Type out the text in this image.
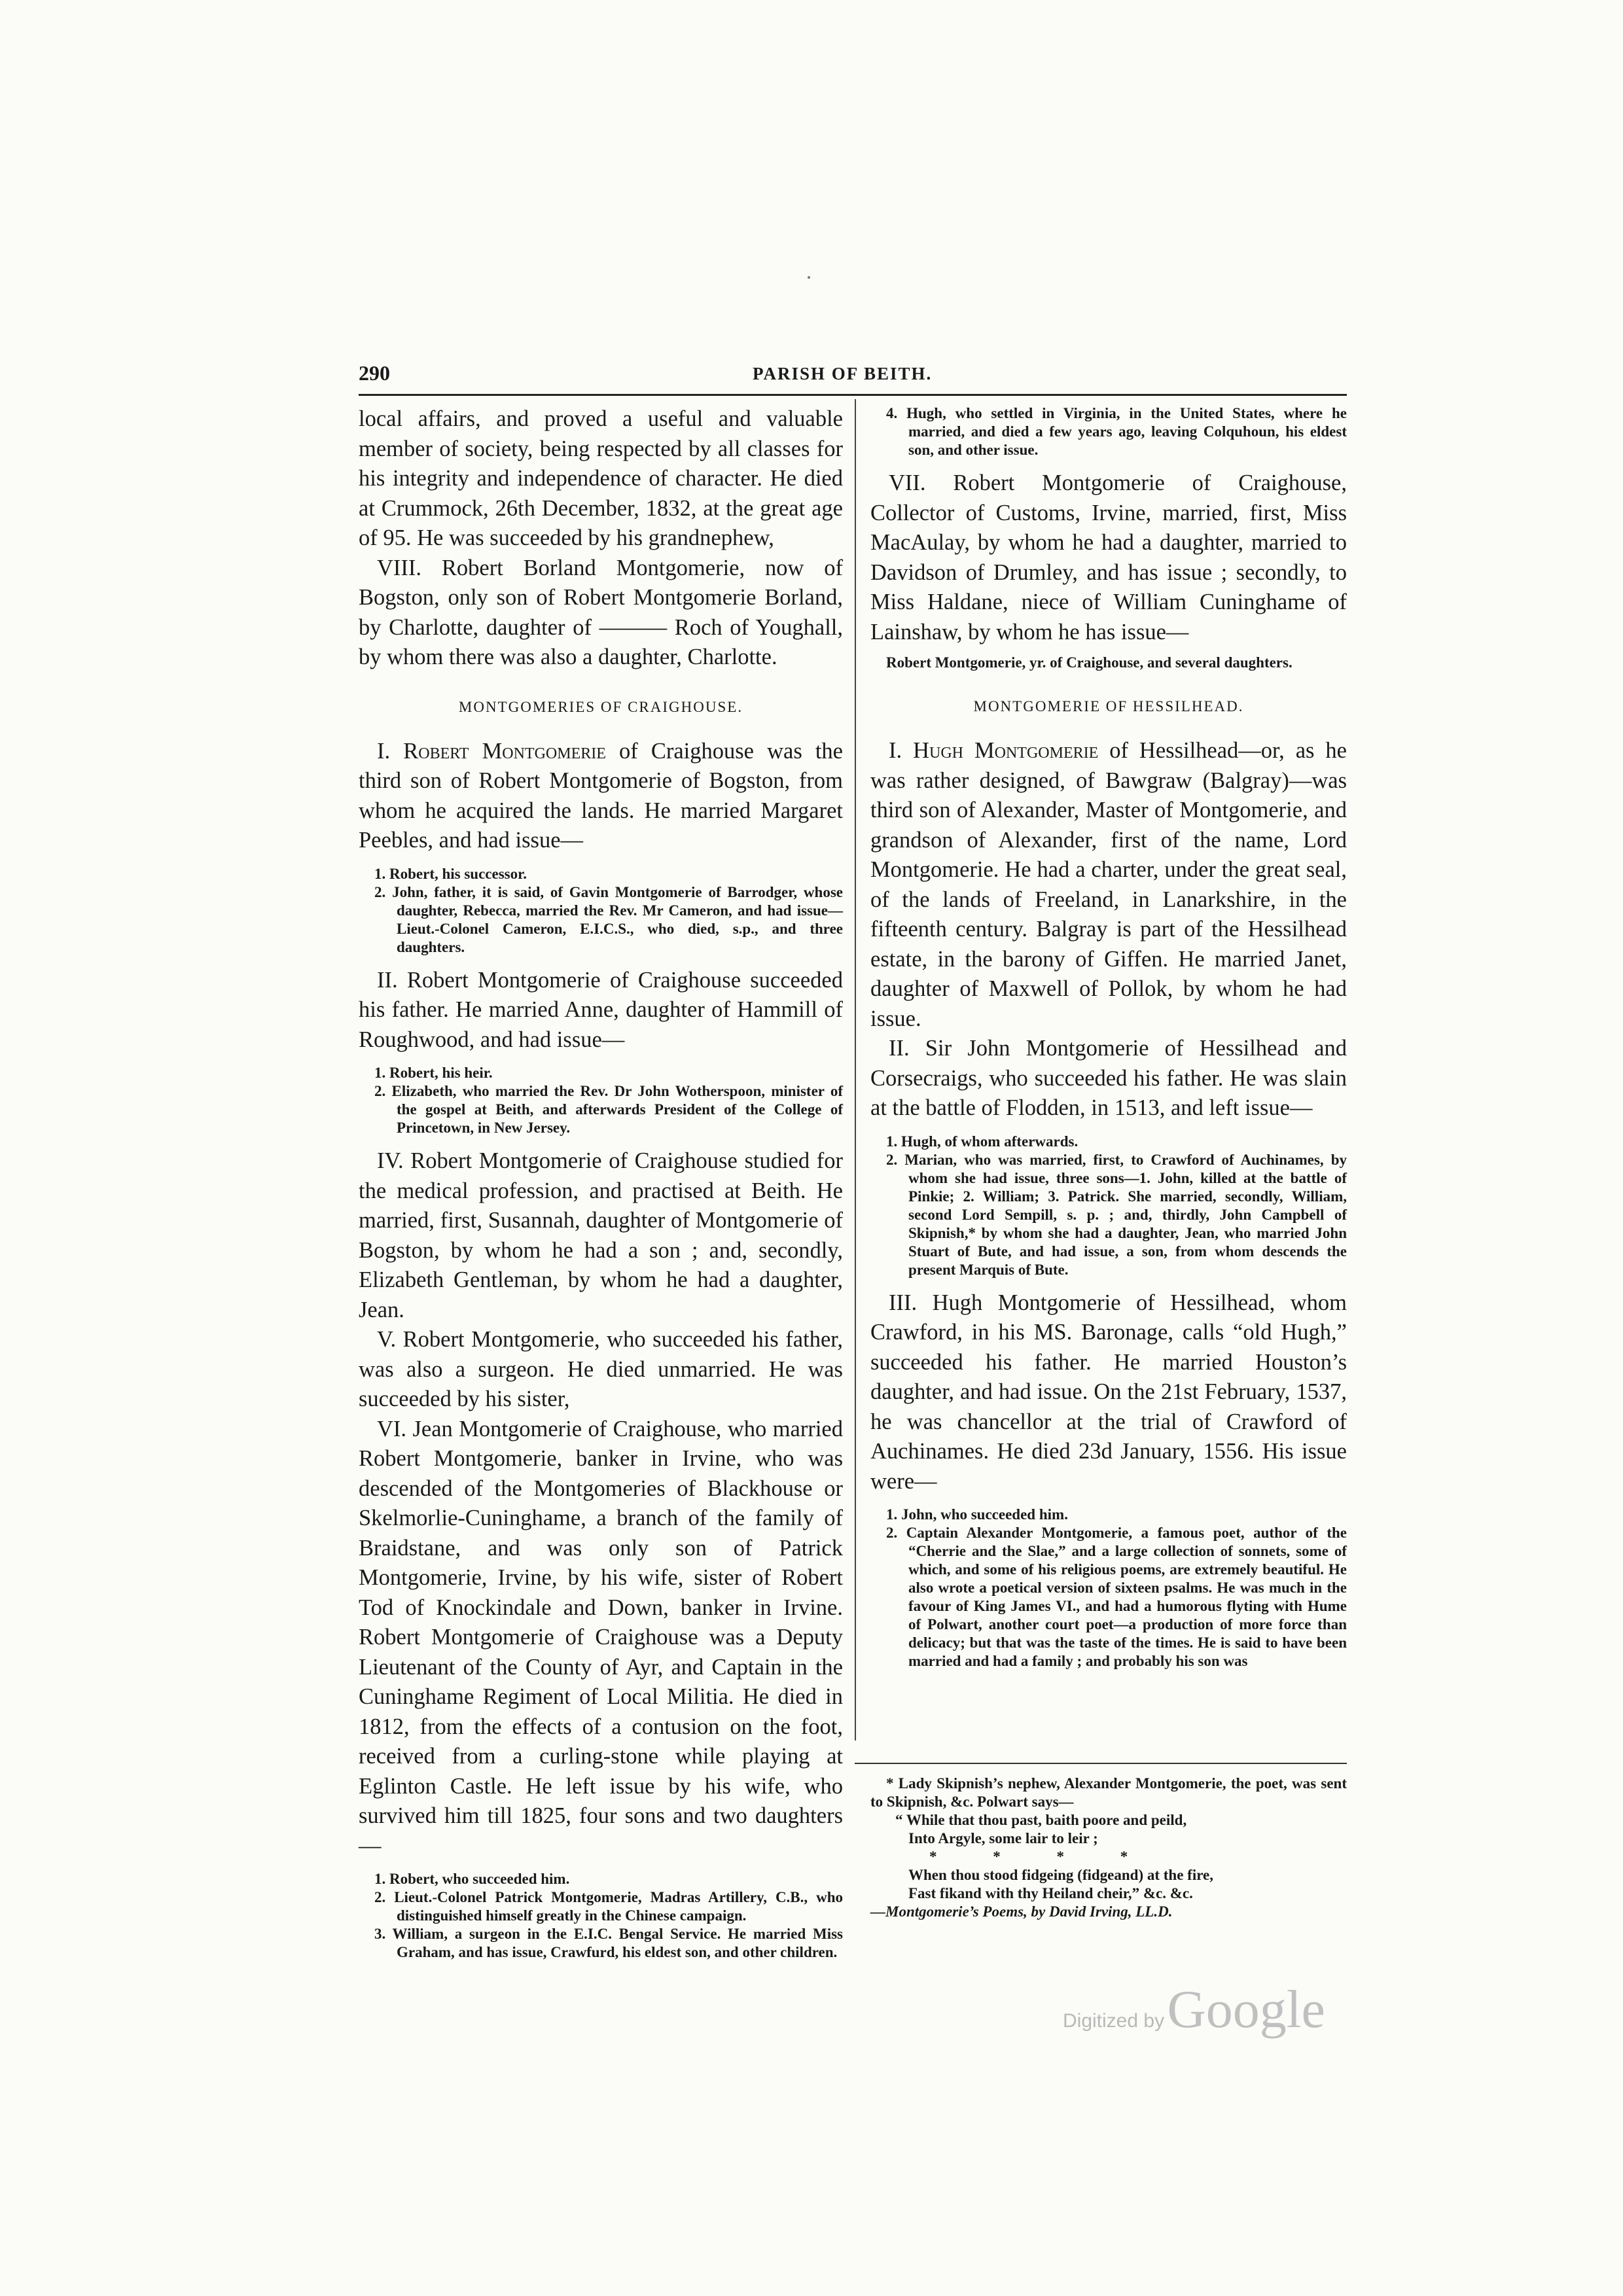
290	PARISH OF BEITH.

local affairs, and proved a useful and valuable member of society, being respected by all classes for his integrity and independence of character. He died at Crummock, 26th December, 1832, at the great age of 95. He was succeeded by his grandnephew,

VIII. Robert Borland Montgomerie, now of Bogston, only son of Robert Montgomerie Borland, by Charlotte, daughter of ——— Roch of Youghall, by whom there was also a daughter, Charlotte.

MONTGOMERIES OF CRAIGHOUSE.

I. Robert Montgomerie of Craighouse was the third son of Robert Montgomerie of Bogston, from whom he acquired the lands. He married Margaret Peebles, and had issue—

1. Robert, his successor.
2. John, father, it is said, of Gavin Montgomerie of Barrodger, whose daughter, Rebecca, married the Rev. Mr Cameron, and had issue—Lieut.-Colonel Cameron, E.I.C.S., who died, s.p., and three daughters.

II. Robert Montgomerie of Craighouse succeeded his father. He married Anne, daughter of Hammill of Roughwood, and had issue—

1. Robert, his heir.
2. Elizabeth, who married the Rev. Dr John Wotherspoon, minister of the gospel at Beith, and afterwards President of the College of Princetown, in New Jersey.

IV. Robert Montgomerie of Craighouse studied for the medical profession, and practised at Beith. He married, first, Susannah, daughter of Montgomerie of Bogston, by whom he had a son ; and, secondly, Elizabeth Gentleman, by whom he had a daughter, Jean.

V. Robert Montgomerie, who succeeded his father, was also a surgeon. He died unmarried. He was succeeded by his sister,

VI. Jean Montgomerie of Craighouse, who married Robert Montgomerie, banker in Irvine, who was descended of the Montgomeries of Blackhouse or Skelmorlie-Cuninghame, a branch of the family of Braidstane, and was only son of Patrick Montgomerie, Irvine, by his wife, sister of Robert Tod of Knockindale and Down, banker in Irvine. Robert Montgomerie of Craighouse was a Deputy Lieutenant of the County of Ayr, and Captain in the Cuninghame Regiment of Local Militia. He died in 1812, from the effects of a contusion on the foot, received from a curling-stone while playing at Eglinton Castle. He left issue by his wife, who survived him till 1825, four sons and two daughters—

1. Robert, who succeeded him.
2. Lieut.-Colonel Patrick Montgomerie, Madras Artillery, C.B., who distinguished himself greatly in the Chinese campaign.
3. William, a surgeon in the E.I.C. Bengal Service. He married Miss Graham, and has issue, Crawfurd, his eldest son, and other children.
4. Hugh, who settled in Virginia, in the United States, where he married, and died a few years ago, leaving Colquhoun, his eldest son, and other issue.

VII. Robert Montgomerie of Craighouse, Collector of Customs, Irvine, married, first, Miss MacAulay, by whom he had a daughter, married to Davidson of Drumley, and has issue ; secondly, to Miss Haldane, niece of William Cuninghame of Lainshaw, by whom he has issue—

Robert Montgomerie, yr. of Craighouse, and several daughters.
MONTGOMERIE OF HESSILHEAD.

I. Hugh Montgomerie of Hessilhead—or, as he was rather designed, of Bawgraw (Balgray)—was third son of Alexander, Master of Montgomerie, and grandson of Alexander, first of the name, Lord Montgomerie. He had a charter, under the great seal, of the lands of Freeland, in Lanarkshire, in the fifteenth century. Balgray is part of the Hessilhead estate, in the barony of Giffen. He married Janet, daughter of Maxwell of Pollok, by whom he had issue.

II. Sir John Montgomerie of Hessilhead and Corsecraigs, who succeeded his father. He was slain at the battle of Flodden, in 1513, and left issue—

1. Hugh, of whom afterwards.
2. Marian, who was married, first, to Crawford of Auchinames, by whom she had issue, three sons—1. John, killed at the battle of Pinkie; 2. William; 3. Patrick. She married, secondly, William, second Lord Sempill, s. p. ; and, thirdly, John Campbell of Skipnish,* by whom she had a daughter, Jean, who married John Stuart of Bute, and had issue, a son, from whom descends the present Marquis of Bute.

III. Hugh Montgomerie of Hessilhead, whom Crawford, in his MS. Baronage, calls “old Hugh,” succeeded his father. He married Houston’s daughter, and had issue. On the 21st February, 1537, he was chancellor at the trial of Crawford of Auchinames. He died 23d January, 1556. His issue were—

1. John, who succeeded him.
2. Captain Alexander Montgomerie, a famous poet, author of the “Cherrie and the Slae,” and a large collection of sonnets, some of which, and some of his religious poems, are extremely beautiful. He also wrote a poetical version of sixteen psalms. He was much in the favour of King James VI., and had a humorous flyting with Hume of Polwart, another court poet—a production of more force than delicacy; but that was the taste of the times. He is said to have been married and had a family ; and probably his son was

* Lady Skipnish’s nephew, Alexander Montgomerie, the poet, was sent to Skipnish, &c. Polwart says—

“ While that thou past, baith poore and peild,

Into Argyle, some lair to leir ;

* * * *

When thou stood fidgeing (fidgeand) at the fire,

Fast fikand with thy Heiland cheir,” &c. &c.

—Montgomerie’s Poems, by David Irving, LL.D.

Digitized by Google
